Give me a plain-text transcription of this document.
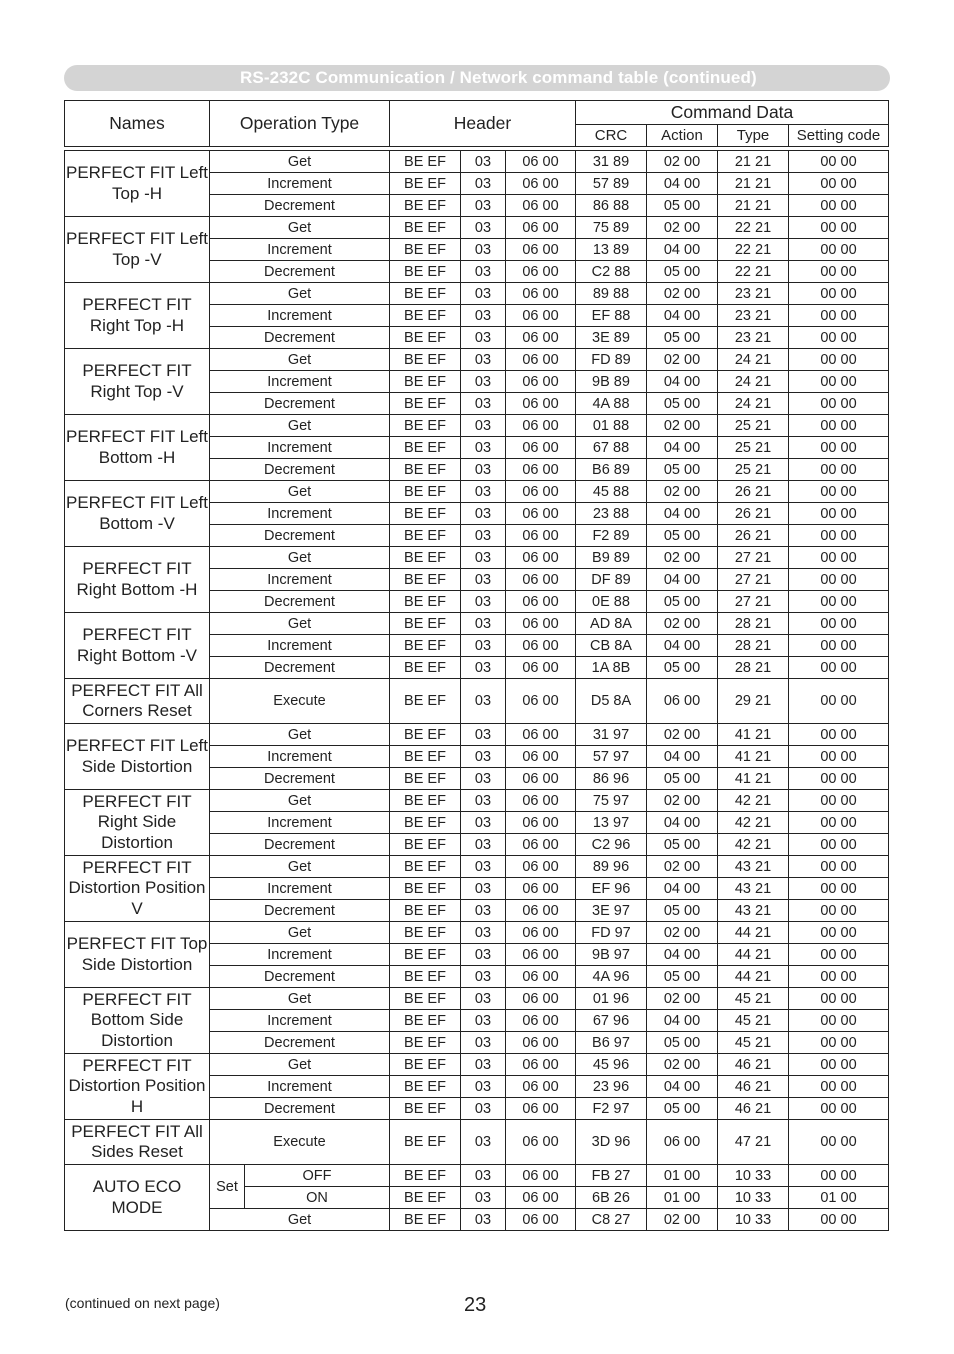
RS-232C Communication / Network command table (continued)
Names	Operation Type		Header			Command Data			
						CRC	Action	Type	Setting code

PERFECT FIT Left Top -H	Get		BE EF	03	06 00	31 89	02 00	21 21	00 00
	Increment		BE EF	03	06 00	57 89	04 00	21 21	00 00
	Decrement		BE EF	03	06 00	86 88	05 00	21 21	00 00
PERFECT FIT Left Top -V	Get		BE EF	03	06 00	75 89	02 00	22 21	00 00
	Increment		BE EF	03	06 00	13 89	04 00	22 21	00 00
	Decrement		BE EF	03	06 00	C2 88	05 00	22 21	00 00
PERFECT FIT Right Top -H	Get		BE EF	03	06 00	89 88	02 00	23 21	00 00
	Increment		BE EF	03	06 00	EF 88	04 00	23 21	00 00
	Decrement		BE EF	03	06 00	3E 89	05 00	23 21	00 00
PERFECT FIT Right Top -V	Get		BE EF	03	06 00	FD 89	02 00	24 21	00 00
	Increment		BE EF	03	06 00	9B 89	04 00	24 21	00 00
	Decrement		BE EF	03	06 00	4A 88	05 00	24 21	00 00
PERFECT FIT Left Bottom -H	Get		BE EF	03	06 00	01 88	02 00	25 21	00 00
	Increment		BE EF	03	06 00	67 88	04 00	25 21	00 00
	Decrement		BE EF	03	06 00	B6 89	05 00	25 21	00 00
PERFECT FIT Left Bottom -V	Get		BE EF	03	06 00	45 88	02 00	26 21	00 00
	Increment		BE EF	03	06 00	23 88	04 00	26 21	00 00
	Decrement		BE EF	03	06 00	F2 89	05 00	26 21	00 00
PERFECT FIT Right Bottom -H	Get		BE EF	03	06 00	B9 89	02 00	27 21	00 00
	Increment		BE EF	03	06 00	DF 89	04 00	27 21	00 00
	Decrement		BE EF	03	06 00	0E 88	05 00	27 21	00 00
PERFECT FIT Right Bottom -V	Get		BE EF	03	06 00	AD 8A	02 00	28 21	00 00
	Increment		BE EF	03	06 00	CB 8A	04 00	28 21	00 00
	Decrement		BE EF	03	06 00	1A 8B	05 00	28 21	00 00
PERFECT FIT All Corners Reset	Execute		BE EF	03	06 00	D5 8A	06 00	29 21	00 00
PERFECT FIT Left Side Distortion	Get		BE EF	03	06 00	31 97	02 00	41 21	00 00
	Increment		BE EF	03	06 00	57 97	04 00	41 21	00 00
	Decrement		BE EF	03	06 00	86 96	05 00	41 21	00 00
PERFECT FIT Right Side Distortion	Get		BE EF	03	06 00	75 97	02 00	42 21	00 00
	Increment		BE EF	03	06 00	13 97	04 00	42 21	00 00
	Decrement		BE EF	03	06 00	C2 96	05 00	42 21	00 00
PERFECT FIT Distortion Position V	Get		BE EF	03	06 00	89 96	02 00	43 21	00 00
	Increment		BE EF	03	06 00	EF 96	04 00	43 21	00 00
	Decrement		BE EF	03	06 00	3E 97	05 00	43 21	00 00
PERFECT FIT Top Side Distortion	Get		BE EF	03	06 00	FD 97	02 00	44 21	00 00
	Increment		BE EF	03	06 00	9B 97	04 00	44 21	00 00
	Decrement		BE EF	03	06 00	4A 96	05 00	44 21	00 00
PERFECT FIT Bottom Side Distortion	Get		BE EF	03	06 00	01 96	02 00	45 21	00 00
	Increment		BE EF	03	06 00	67 96	04 00	45 21	00 00
	Decrement		BE EF	03	06 00	B6 97	05 00	45 21	00 00
PERFECT FIT Distortion Position H	Get		BE EF	03	06 00	45 96	02 00	46 21	00 00
	Increment		BE EF	03	06 00	23 96	04 00	46 21	00 00
	Decrement		BE EF	03	06 00	F2 97	05 00	46 21	00 00
PERFECT FIT All Sides Reset	Execute		BE EF	03	06 00	3D 96	06 00	47 21	00 00
AUTO ECO MODE	Set	OFF	BE EF	03	06 00	FB 27	01 00	10 33	00 00
		ON	BE EF	03	06 00	6B 26	01 00	10 33	01 00
	Get		BE EF	03	06 00	C8 27	02 00	10 33	00 00
(continued on next page)	23
